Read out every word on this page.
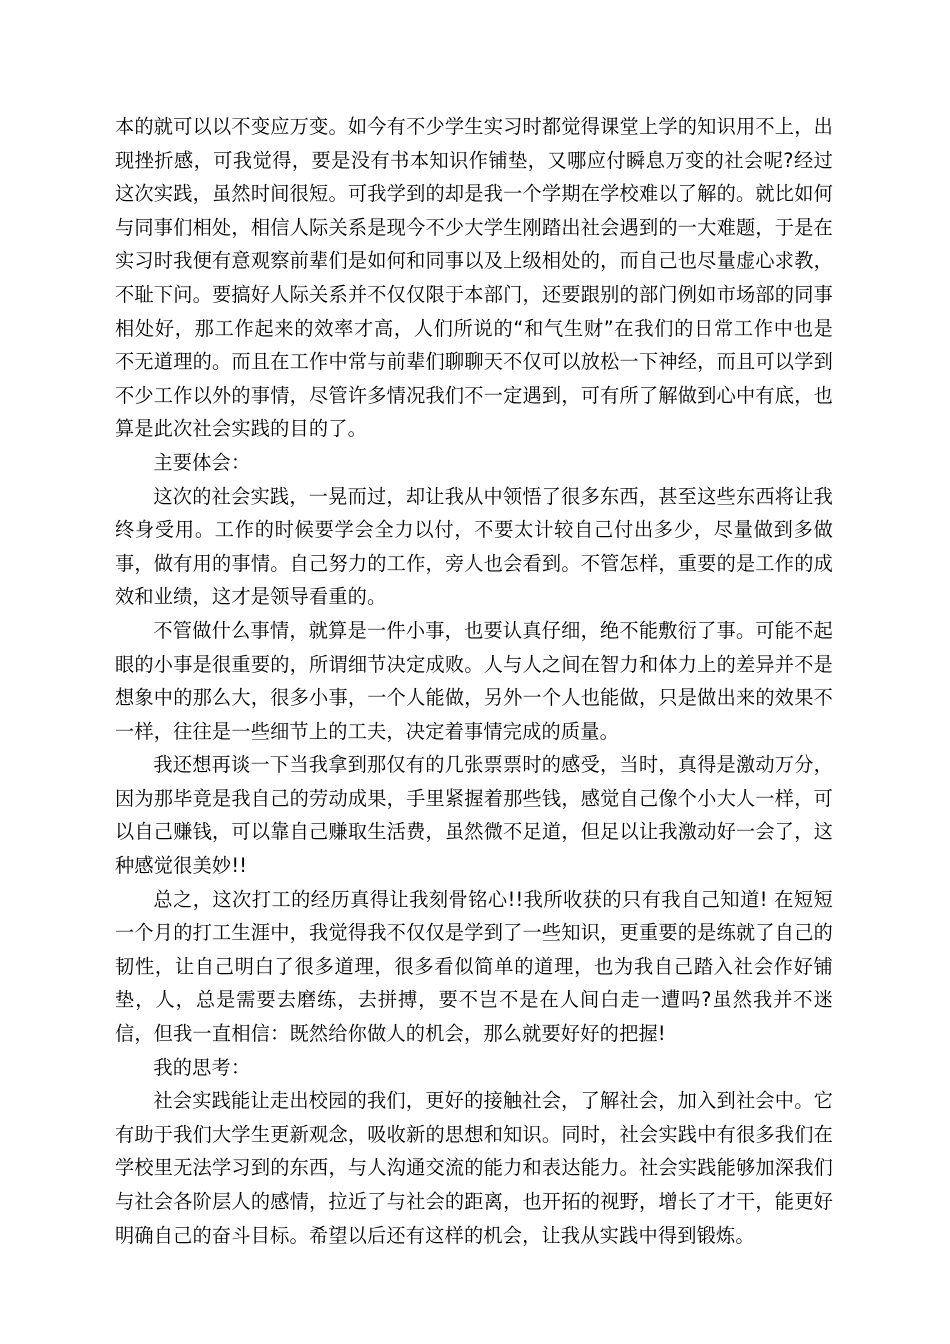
本的就可以以不变应万变。如今有不少学生实习时都觉得课堂上学的知识用不上，出现挫折感，可我觉得，要是没有书本知识作铺垫，又哪应付瞬息万变的社会呢?经过这次实践，虽然时间很短。可我学到的却是我一个学期在学校难以了解的。就比如何与同事们相处，相信人际关系是现今不少大学生刚踏出社会遇到的一大难题，于是在实习时我便有意观察前辈们是如何和同事以及上级相处的，而自己也尽量虚心求教，不耻下问。要搞好人际关系并不仅仅限于本部门，还要跟别的部门例如市场部的同事相处好，那工作起来的效率才高，人们所说的“和气生财”在我们的日常工作中也是不无道理的。而且在工作中常与前辈们聊聊天不仅可以放松一下神经，而且可以学到不少工作以外的事情，尽管许多情况我们不一定遇到，可有所了解做到心中有底，也算是此次社会实践的目的了。

主要体会：

这次的社会实践，一晃而过，却让我从中领悟了很多东西，甚至这些东西将让我终身受用。工作的时候要学会全力以付，不要太计较自己付出多少，尽量做到多做事，做有用的事情。自己努力的工作，旁人也会看到。不管怎样，重要的是工作的成效和业绩，这才是领导看重的。

不管做什么事情，就算是一件小事，也要认真仔细，绝不能敷衍了事。可能不起眼的小事是很重要的，所谓细节决定成败。人与人之间在智力和体力上的差异并不是想象中的那么大，很多小事，一个人能做，另外一个人也能做，只是做出来的效果不一样，往往是一些细节上的工夫，决定着事情完成的质量。

我还想再谈一下当我拿到那仅有的几张票票时的感受，当时，真得是激动万分，因为那毕竟是我自己的劳动成果，手里紧握着那些钱，感觉自己像个小大人一样，可以自己赚钱，可以靠自己赚取生活费，虽然微不足道，但足以让我激动好一会了，这种感觉很美妙!!

总之，这次打工的经历真得让我刻骨铭心!!我所收获的只有我自己知道! 在短短一个月的打工生涯中，我觉得我不仅仅是学到了一些知识，更重要的是练就了自己的韧性，让自己明白了很多道理，很多看似简单的道理，也为我自己踏入社会作好铺垫，人，总是需要去磨练，去拼搏，要不岂不是在人间白走一遭吗?虽然我并不迷信，但我一直相信：既然给你做人的机会，那么就要好好的把握!

我的思考：

社会实践能让走出校园的我们，更好的接触社会，了解社会，加入到社会中。它有助于我们大学生更新观念，吸收新的思想和知识。同时，社会实践中有很多我们在学校里无法学习到的东西，与人沟通交流的能力和表达能力。社会实践能够加深我们与社会各阶层人的感情，拉近了与社会的距离，也开拓的视野，增长了才干，能更好明确自己的奋斗目标。希望以后还有这样的机会，让我从实践中得到锻炼。
